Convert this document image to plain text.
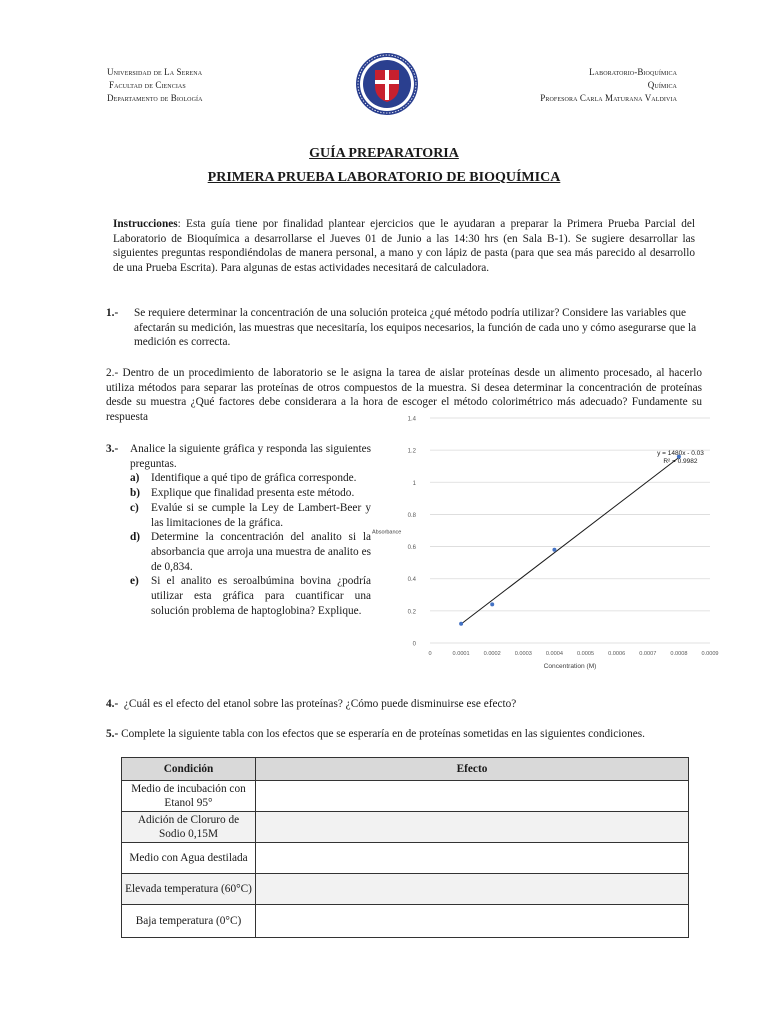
Universidad de La Serena
Facultad de Ciencias
Departamento de Biología
Laboratorio-Bioquímica
Química
Profesora Carla Maturana Valdivia
GUÍA PREPARATORIA
PRIMERA PRUEBA LABORATORIO DE BIOQUÍMICA
Instrucciones: Esta guía tiene por finalidad plantear ejercicios que le ayudaran a preparar la Primera Prueba Parcial del Laboratorio de Bioquímica a desarrollarse el Jueves 01 de Junio a las 14:30 hrs (en Sala B-1). Se sugiere desarrollar las siguientes preguntas respondiéndolas de manera personal, a mano y con lápiz de pasta (para que sea más parecido al desarrollo de una Prueba Escrita). Para algunas de estas actividades necesitará de calculadora.
1.- Se requiere determinar la concentración de una solución proteica ¿qué método podría utilizar? Considere las variables que afectarán su medición, las muestras que necesitaría, los equipos necesarios, la función de cada uno y cómo asegurarse que la medición es correcta.
2.- Dentro de un procedimiento de laboratorio se le asigna la tarea de aislar proteínas desde un alimento procesado, al hacerlo utiliza métodos para separar las proteínas de otros compuestos de la muestra. Si desea determinar la concentración de proteínas desde su muestra ¿Qué factores debe considerara a la hora de escoger el método colorimétrico más adecuado? Fundamente su respuesta
3.- Analice la siguiente gráfica y responda las siguientes preguntas.
a) Identifique a qué tipo de gráfica corresponde.
b) Explique que finalidad presenta este método.
c) Evalúe si se cumple la Ley de Lambert-Beer y las limitaciones de la gráfica.
d) Determine la concentración del analito si la absorbancia que arroja una muestra de analito es de 0,834.
e) Si el analito es seroalbúmina bovina ¿podría utilizar esta gráfica para cuantificar una solución problema de haptoglobina? Explique.
0
0.2
0.4
0.6
0.8
1
1.2
1.4
0	0.0001	0.0002	0.0003	0.0004	0.0005	0.0006	0.0007	0.0008	0.0009
y = 1480x - 0.03
R² = 0.9982
Absorbance
Concentration (M)
4.- ¿Cuál es el efecto del etanol sobre las proteínas? ¿Cómo puede disminuirse ese efecto?
5.- Complete la siguiente tabla con los efectos que se esperaría en de proteínas sometidas en las siguientes condiciones.
Condición	Efecto
Medio de incubación con Etanol 95°	
Adición de Cloruro de Sodio 0,15M	
Medio con Agua destilada	
Elevada temperatura (60°C)	
Baja temperatura (0°C)	
